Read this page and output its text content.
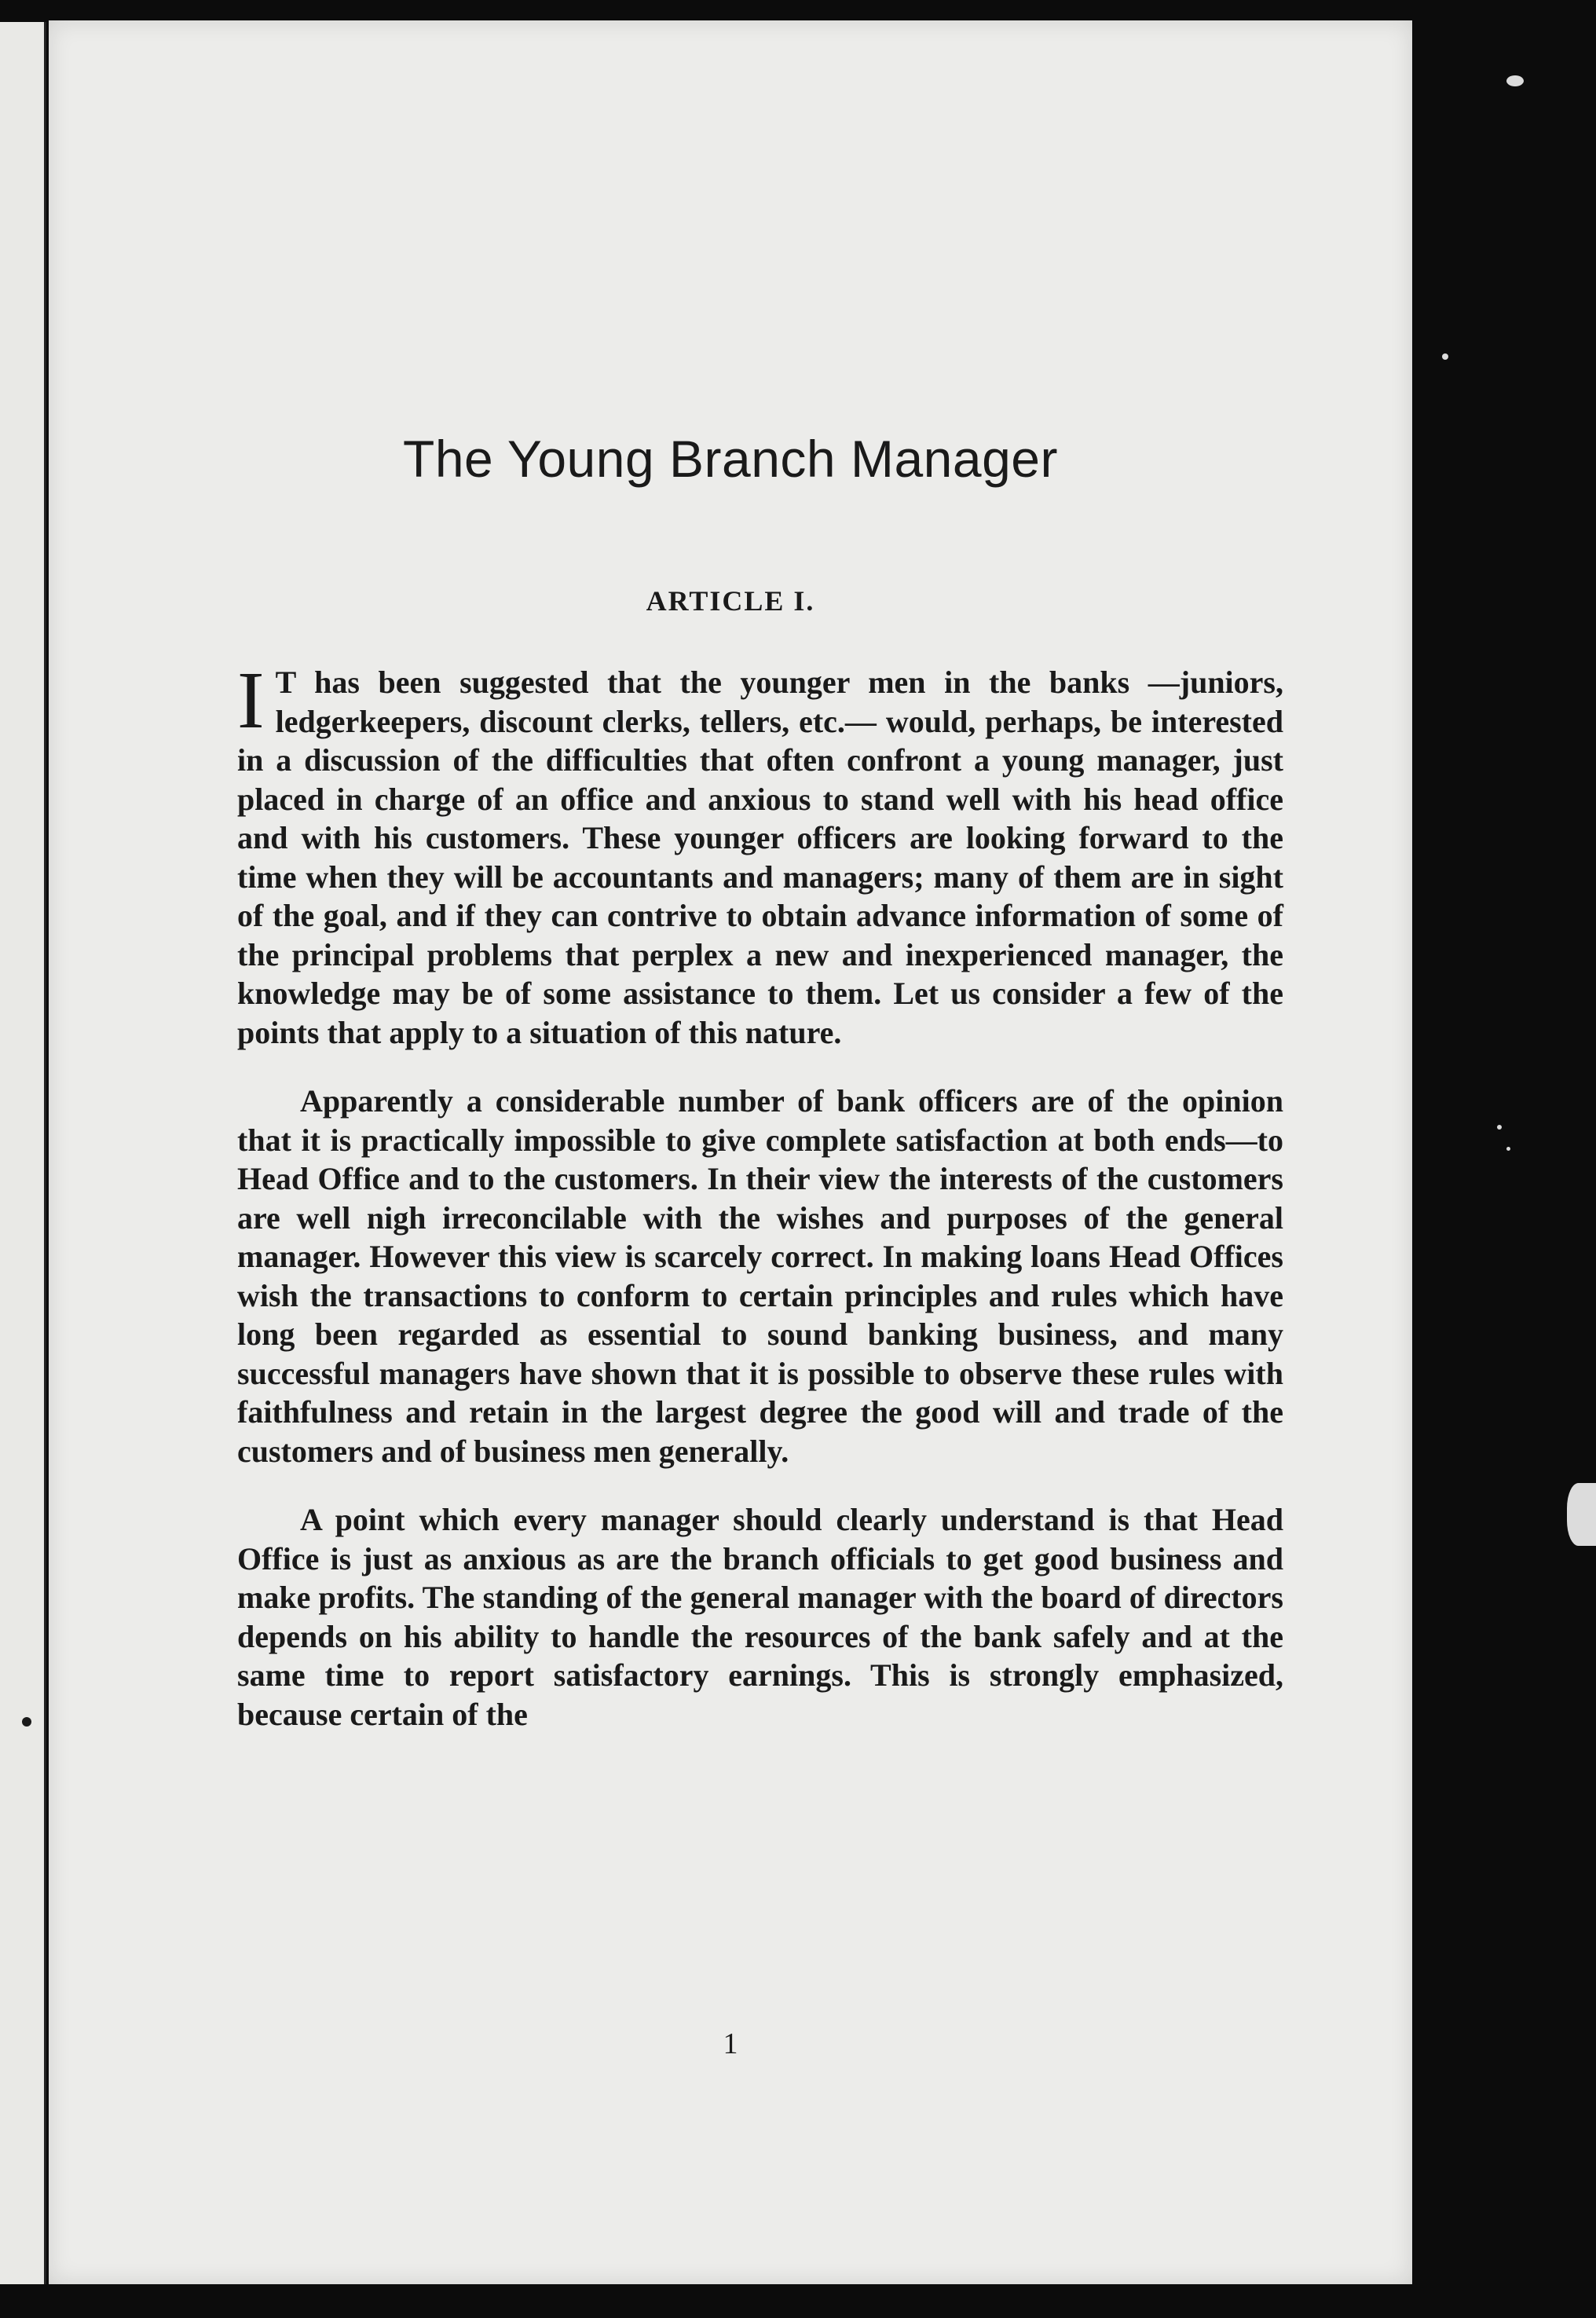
The Young Branch Manager
ARTICLE I.

I T has been suggested that the younger men in the banks —juniors, ledgerkeepers, discount clerks, tellers, etc.— would, perhaps, be interested in a discussion of the difficulties that often confront a young manager, just placed in charge of an office and anxious to stand well with his head office and with his customers. These younger officers are looking forward to the time when they will be accountants and managers; many of them are in sight of the goal, and if they can contrive to obtain advance information of some of the principal problems that perplex a new and inexperienced manager, the knowledge may be of some assistance to them. Let us consider a few of the points that apply to a situation of this nature.

Apparently a considerable number of bank officers are of the opinion that it is practically impossible to give complete satisfaction at both ends—to Head Office and to the customers. In their view the interests of the customers are well nigh irreconcilable with the wishes and purposes of the general manager. However this view is scarcely correct. In making loans Head Offices wish the transactions to conform to certain principles and rules which have long been regarded as essential to sound banking business, and many successful managers have shown that it is possible to observe these rules with faithfulness and retain in the largest degree the good will and trade of the customers and of business men generally.

A point which every manager should clearly understand is that Head Office is just as anxious as are the branch officials to get good business and make profits. The standing of the general manager with the board of directors depends on his ability to handle the resources of the bank safely and at the same time to report satisfactory earnings. This is strongly emphasized, because certain of the

1
